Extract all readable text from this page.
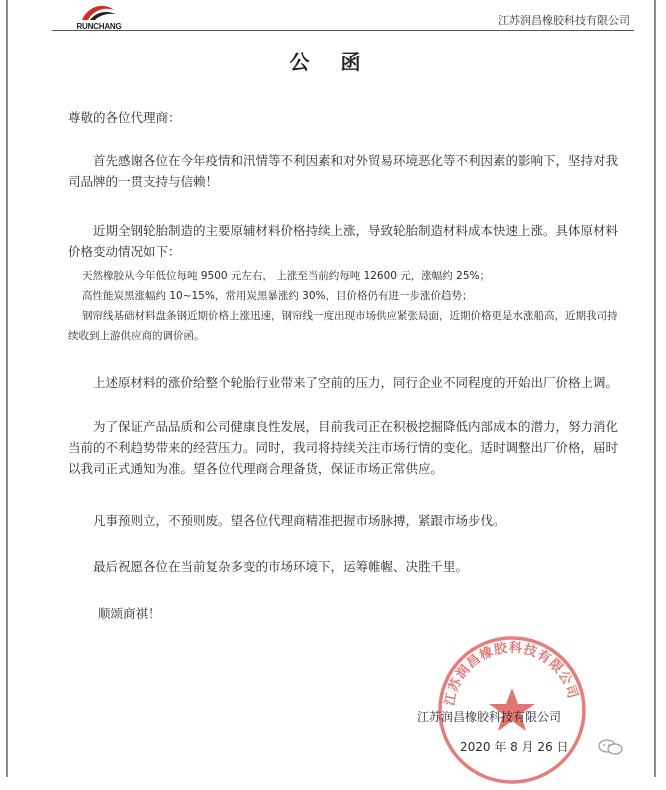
RUNCHANG	江苏润昌橡胶科技有限公司
公 函
尊敬的各位代理商：
首先感谢各位在今年疫情和汛情等不利因素和对外贸易环境恶化等不利因素的影响下，坚持对我司品牌的一贯支持与信赖！
近期全钢轮胎制造的主要原辅材料价格持续上涨，导致轮胎制造材料成本快速上涨。具体原材料价格变动情况如下：
天然橡胶从今年低位每吨 9500 元左右， 上涨至当前约每吨 12600 元，涨幅约 25%；
高性能炭黑涨幅约 10~15%，常用炭黑暴涨约 30%，目价格仍有进一步涨价趋势；
钢帘线基础材料盘条钢近期价格上涨迅速，钢帘线一度出现市场供应紧张局面，近期价格更是水涨船高，近期我司持续收到上游供应商的调价函。
上述原材料的涨价给整个轮胎行业带来了空前的压力，同行企业不同程度的开始出厂价格上调。
为了保证产品品质和公司健康良性发展，目前我司正在积极挖掘降低内部成本的潜力，努力消化当前的不利趋势带来的经营压力。同时，我司将持续关注市场行情的变化。适时调整出厂价格，届时以我司正式通知为准。望各位代理商合理备货，保证市场正常供应。
凡事预则立，不预则废。望各位代理商精准把握市场脉搏，紧跟市场步伐。
最后祝愿各位在当前复杂多变的市场环境下，运筹帷幄、决胜千里。
顺颂商祺！
江苏润昌橡胶科技有限公司
江苏润昌橡胶科技有限公司
2020 年 8 月 26 日
